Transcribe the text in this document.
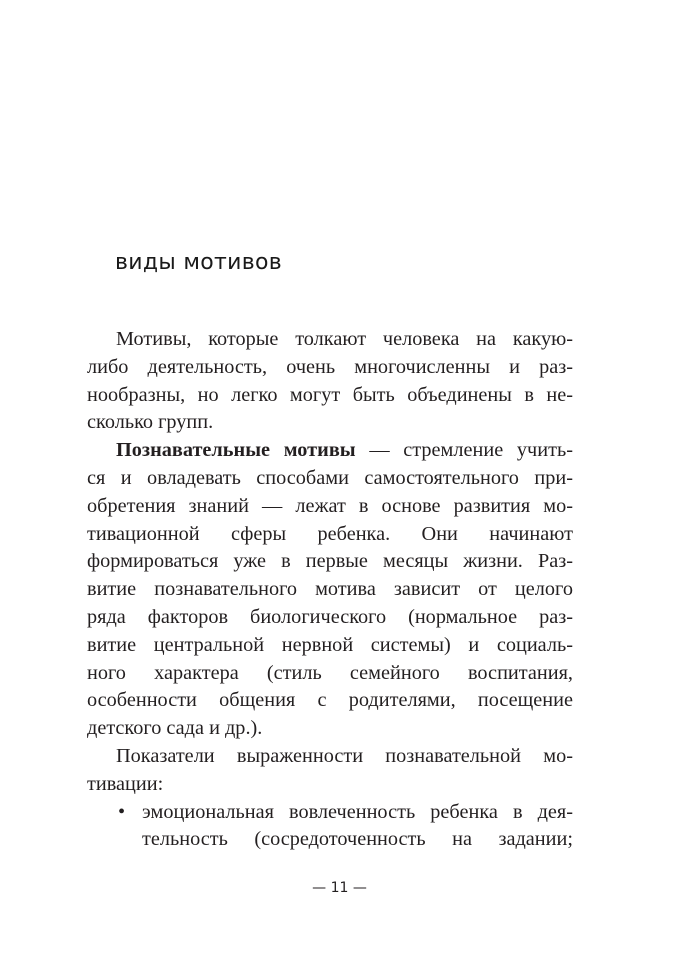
виды мотивов
Мотивы, которые толкают человека на какую-
либо деятельность, очень многочисленны и раз-
нообразны, но легко могут быть объединены в не-
сколько групп.
Познавательные мотивы — стремление учить-
ся и овладевать способами самостоятельного при-
обретения знаний — лежат в основе развития мо-
тивационной сферы ребенка. Они начинают
формироваться уже в первые месяцы жизни. Раз-
витие познавательного мотива зависит от целого
ряда факторов биологического (нормальное раз-
витие центральной нервной системы) и социаль-
ного характера (стиль семейного воспитания,
особенности общения с родителями, посещение
детского сада и др.).
Показатели выраженности познавательной мо-
тивации:
• эмоциональная вовлеченность ребенка в дея-
тельность (сосредоточенность на задании;
— 11 —
